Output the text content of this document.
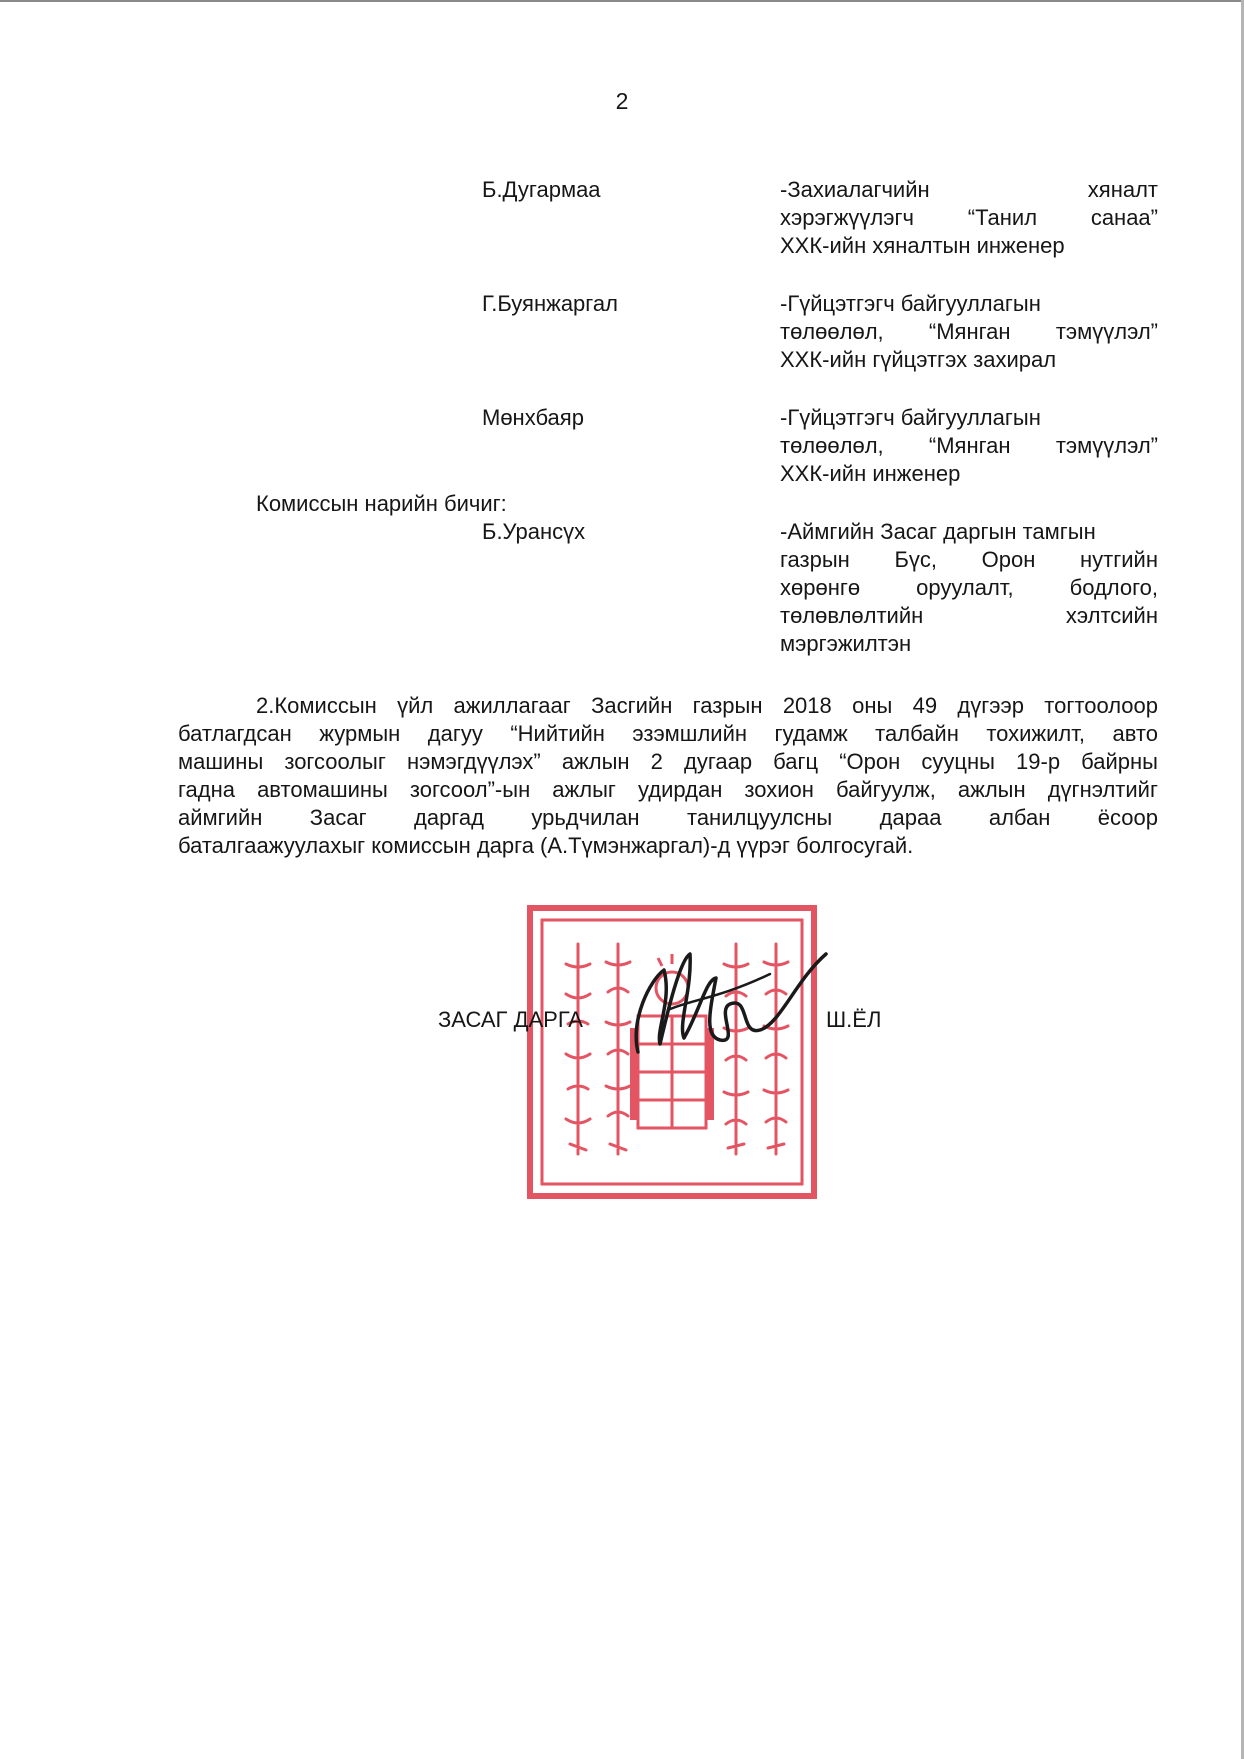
2
Б.Дугармаа	-Захиалагчийн хяналт
хэрэгжүүлэгч “Танил санаа”
ХХК-ийн хяналтын инженер
Г.Буянжаргал	-Гүйцэтгэгч байгууллагын
төлөөлөл, “Мянган тэмүүлэл”
ХХК-ийн гүйцэтгэх захирал
Мөнхбаяр	-Гүйцэтгэгч байгууллагын
төлөөлөл, “Мянган тэмүүлэл”
ХХК-ийн инженер
Комиссын нарийн бичиг:
Б.Урансүх	-Аймгийн Засаг даргын тамгын
газрын Бүс, Орон нутгийн
хөрөнгө оруулалт, бодлого,
төлөвлөлтийн хэлтсийн
мэргэжилтэн
2.Комиссын үйл ажиллагааг Засгийн газрын 2018 оны 49 дүгээр тогтоолоор
батлагдсан журмын дагуу “Нийтийн эзэмшлийн гудамж талбайн тохижилт, авто
машины зогсоолыг нэмэгдүүлэх” ажлын 2 дугаар багц “Орон сууцны 19-р байрны
гадна автомашины зогсоол”-ын ажлыг удирдан зохион байгуулж, ажлын дүгнэлтийг
аймгийн Засаг даргад урьдчилан танилцуулсны дараа албан ёсоор
баталгаажуулахыг комиссын дарга (А.Түмэнжаргал)-д үүрэг болгосугай.
ЗАСАГ ДАРГА	Ш.ЁЛ
